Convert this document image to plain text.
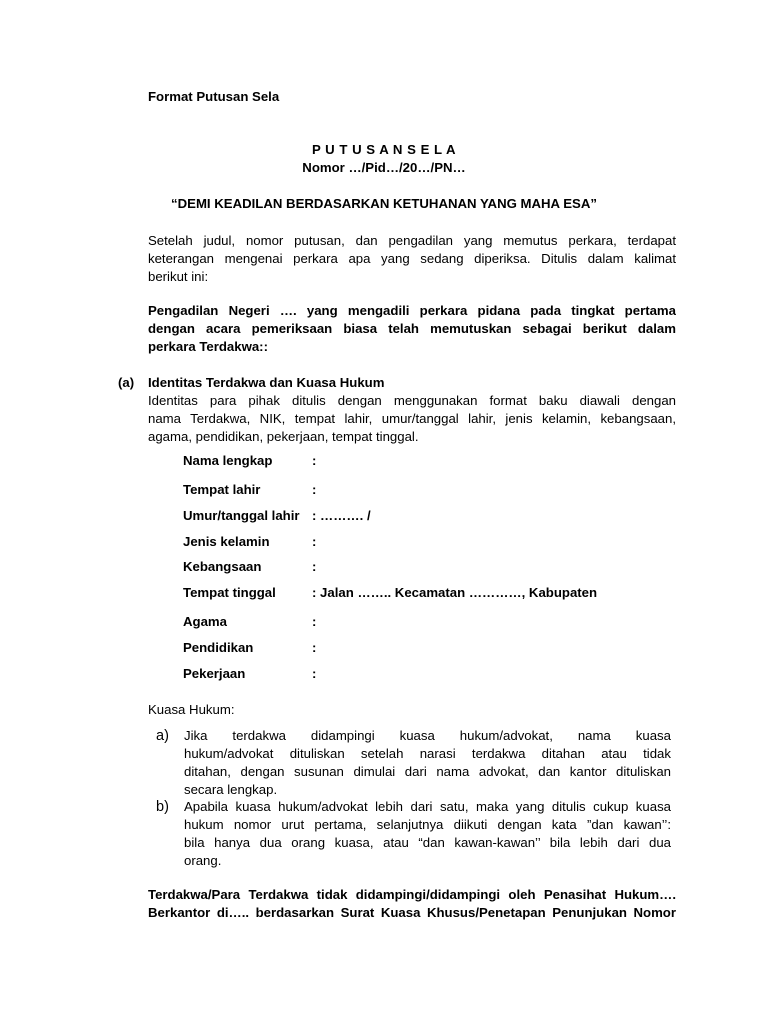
Format Putusan Sela
P U T U S A N S E L A
Nomor …/Pid…/20…/PN…
“DEMI KEADILAN BERDASARKAN KETUHANAN YANG MAHA ESA”
Setelah judul, nomor putusan, dan pengadilan yang memutus perkara, terdapat
keterangan mengenai perkara apa yang sedang diperiksa. Ditulis dalam kalimat
berikut ini:
Pengadilan Negeri …. yang mengadili perkara pidana pada tingkat pertama
dengan acara pemeriksaan biasa telah memutuskan sebagai berikut dalam
perkara Terdakwa::
(a) Identitas Terdakwa dan Kuasa Hukum
Identitas para pihak ditulis dengan menggunakan format baku diawali dengan
nama Terdakwa, NIK, tempat lahir, umur/tanggal lahir, jenis kelamin, kebangsaan,
agama, pendidikan, pekerjaan, tempat tinggal.
Nama lengkap	:
Tempat lahir	:
Umur/tanggal lahir : ………. /
Jenis kelamin	:
Kebangsaan	:
Tempat tinggal	: Jalan …….. Kecamatan …………, Kabupaten
Agama	:
Pendidikan	:
Pekerjaan	:
Kuasa Hukum:
a) Jika terdakwa didampingi kuasa hukum/advokat, nama kuasa
hukum/advokat dituliskan setelah narasi terdakwa ditahan atau tidak
ditahan, dengan susunan dimulai dari nama advokat, dan kantor dituliskan
secara lengkap.
b) Apabila kuasa hukum/advokat lebih dari satu, maka yang ditulis cukup kuasa
hukum nomor urut pertama, selanjutnya diikuti dengan kata ”dan kawan’’:
bila hanya dua orang kuasa, atau “dan kawan-kawan’’ bila lebih dari dua
orang.
Terdakwa/Para Terdakwa tidak didampingi/didampingi oleh Penasihat Hukum….
Berkantor di….. berdasarkan Surat Kuasa Khusus/Penetapan Penunjukan Nomor
